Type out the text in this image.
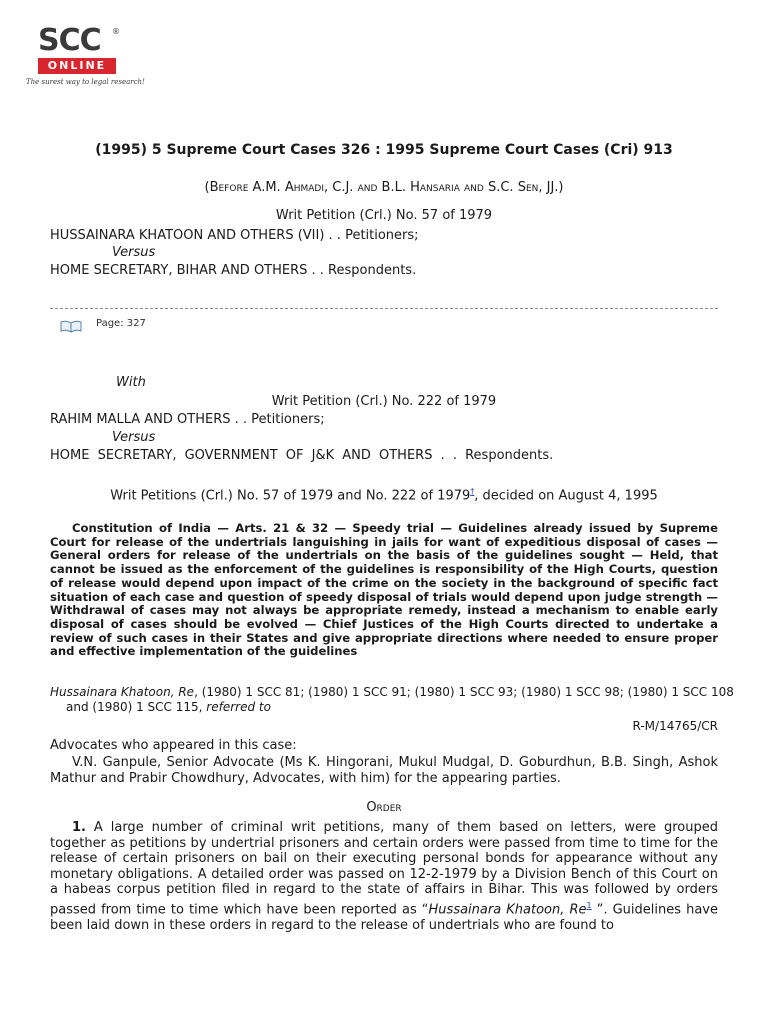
SCC ®
ONLINE
The surest way to legal research!
(1995) 5 Supreme Court Cases 326 : 1995 Supreme Court Cases (Cri) 913
(Before A.M. Ahmadi, C.J. and B.L. Hansaria and S.C. Sen, JJ.)
Writ Petition (Crl.) No. 57 of 1979
HUSSAINARA KHATOON AND OTHERS (VII) . . Petitioners;
Versus
HOME SECRETARY, BIHAR AND OTHERS . . Respondents.
Page: 327
With
Writ Petition (Crl.) No. 222 of 1979
RAHIM MALLA AND OTHERS . . Petitioners;
Versus
HOME SECRETARY, GOVERNMENT OF J&K AND OTHERS . . Respondents.
Writ Petitions (Crl.) No. 57 of 1979 and No. 222 of 1979†, decided on August 4, 1995
Constitution of India — Arts. 21 & 32 — Speedy trial — Guidelines already issued by Supreme Court for release of the undertrials languishing in jails for want of expeditious disposal of cases — General orders for release of the undertrials on the basis of the guidelines sought — Held, that cannot be issued as the enforcement of the guidelines is responsibility of the High Courts, question of release would depend upon impact of the crime on the society in the background of specific fact situation of each case and question of speedy disposal of trials would depend upon judge strength — Withdrawal of cases may not always be appropriate remedy, instead a mechanism to enable early disposal of cases should be evolved — Chief Justices of the High Courts directed to undertake a review of such cases in their States and give appropriate directions where needed to ensure proper and effective implementation of the guidelines
Hussainara Khatoon, Re, (1980) 1 SCC 81; (1980) 1 SCC 91; (1980) 1 SCC 93; (1980) 1 SCC 98; (1980) 1 SCC 108 and (1980) 1 SCC 115, referred to
R-M/14765/CR
Advocates who appeared in this case:
V.N. Ganpule, Senior Advocate (Ms K. Hingorani, Mukul Mudgal, D. Goburdhun, B.B. Singh, Ashok Mathur and Prabir Chowdhury, Advocates, with him) for the appearing parties.
Order
1. A large number of criminal writ petitions, many of them based on letters, were grouped together as petitions by undertrial prisoners and certain orders were passed from time to time for the release of certain prisoners on bail on their executing personal bonds for appearance without any monetary obligations. A detailed order was passed on 12-2-1979 by a Division Bench of this Court on a habeas corpus petition filed in regard to the state of affairs in Bihar. This was followed by orders passed from time to time which have been reported as “Hussainara Khatoon, Re$^1$ ”. Guidelines have been laid down in these orders in regard to the release of undertrials who are found to
